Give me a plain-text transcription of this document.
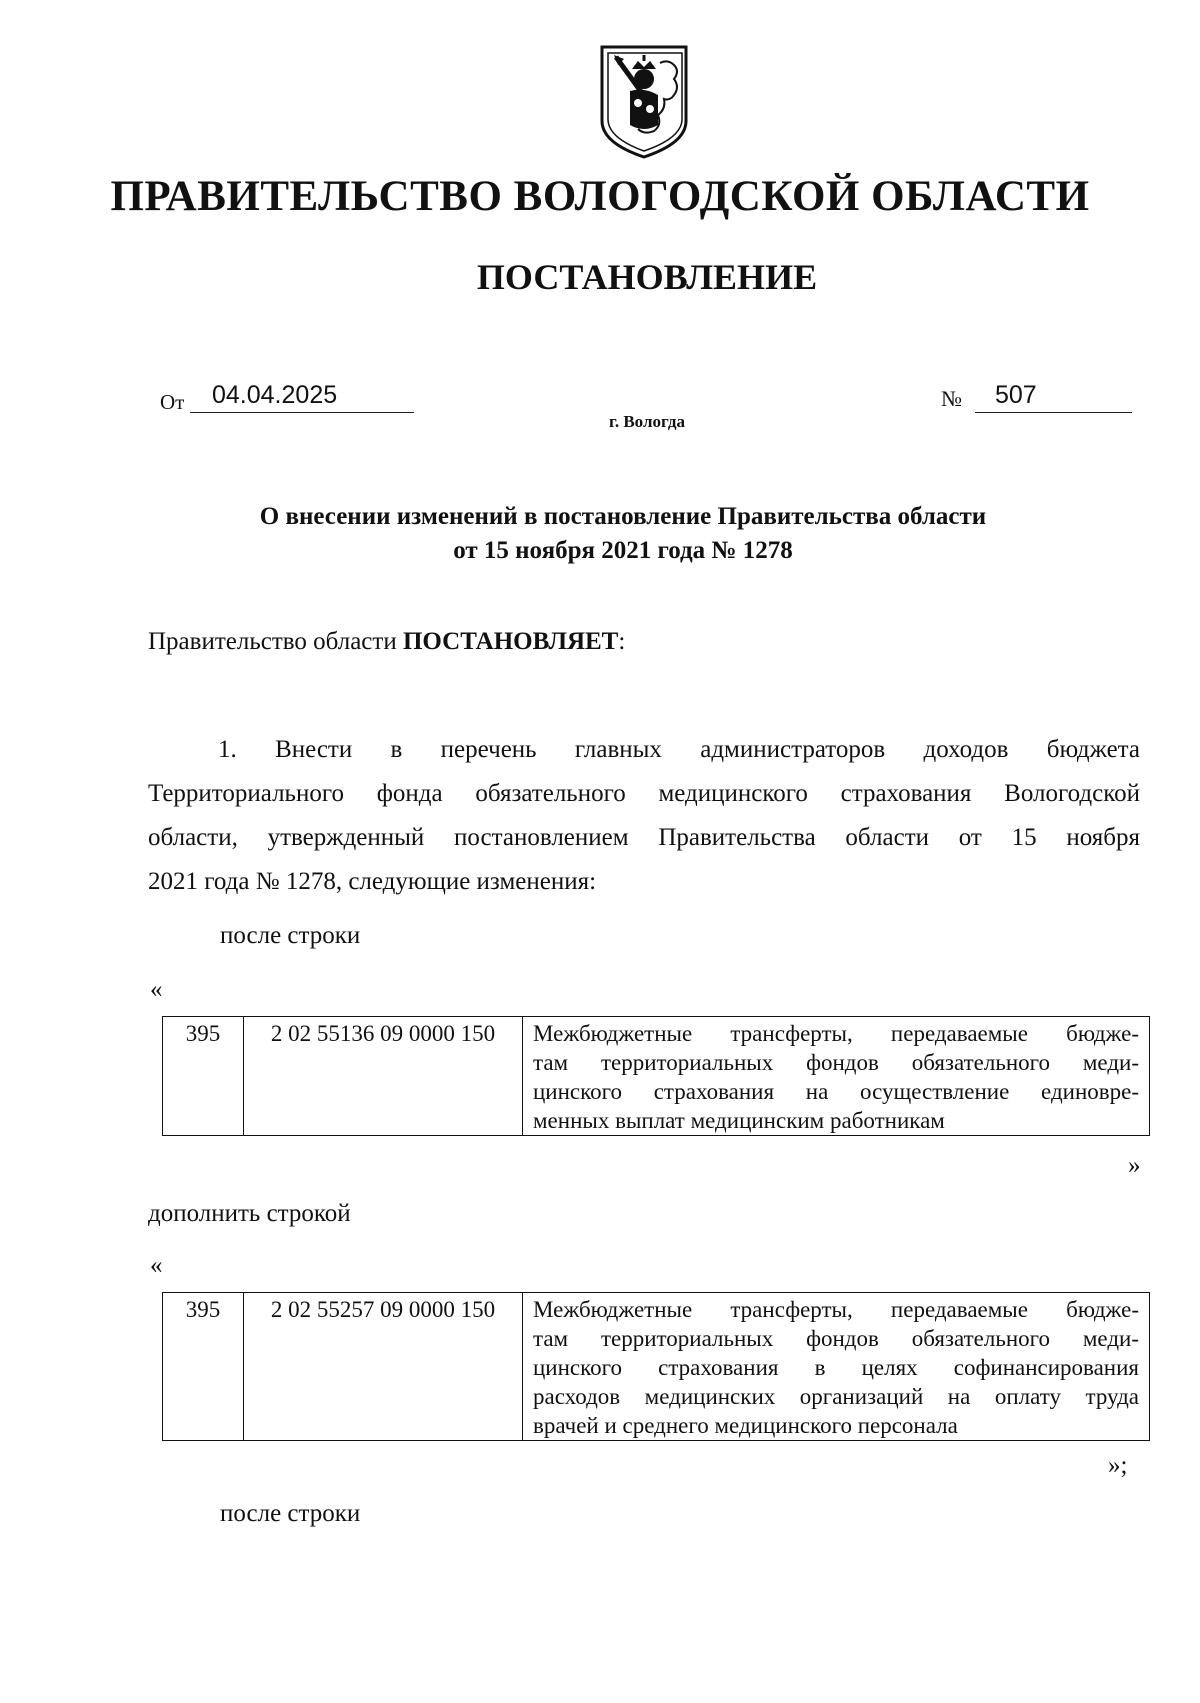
ПРАВИТЕЛЬСТВО ВОЛОГОДСКОЙ ОБЛАСТИ
ПОСТАНОВЛЕНИЕ
От	04.04.2025	№	507
г. Вологда
О внесении изменений в постановление Правительства области
от 15 ноября 2021 года № 1278
Правительство области ПОСТАНОВЛЯЕТ:
1. Внести в перечень главных администраторов доходов бюджета
Территориального фонда обязательного медицинского страхования Вологодской
области, утвержденный постановлением Правительства области от 15 ноября
2021 года № 1278, следующие изменения:
после строки
«
395	2 02 55136 09 0000 150	Межбюджетные трансферты, передаваемые бюдже-
там территориальных фондов обязательного меди-
цинского страхования на осуществление единовре-
менных выплат медицинским работникам
»
дополнить строкой
«
395	2 02 55257 09 0000 150	Межбюджетные трансферты, передаваемые бюдже-
там территориальных фондов обязательного меди-
цинского страхования в целях софинансирования
расходов медицинских организаций на оплату труда
врачей и среднего медицинского персонала
»;
после строки
